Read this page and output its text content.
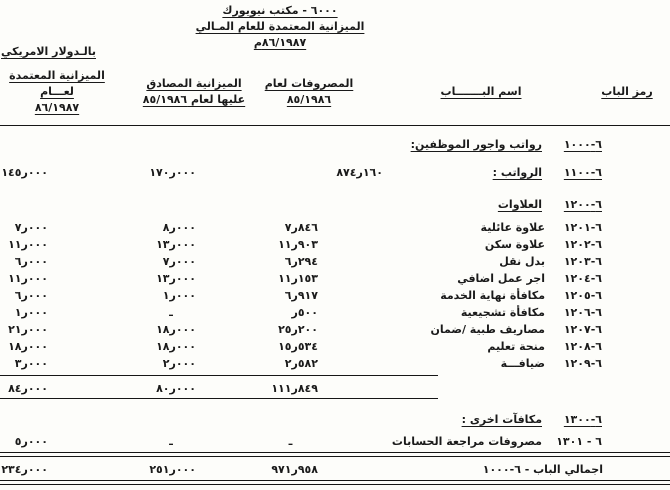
٦٠٠٠ - مكتب نيويورك
الميزانية المعتمدة للعام المـالي
٨٦/١٩٨٧م
بالـدولار الامريكي
رمز الباب
اسم البـــــــاب
المصروفات لعام
٨٥/١٩٨٦
الميزانية المصادق
عليها لعام ٨٥/١٩٨٦
الميزانية المعتمدة
لعـــام
٨٦/١٩٨٧
٦-١٠٠٠
رواتب واجور الموظفين:
٦-١١٠٠
الرواتب :
١٦٠ر٨٧٤
٠٠٠ر١٧٠
٠٠٠ر١٤٥
٦-١٢٠٠
العلاوات
٦-١٢٠١
علاوة عائلية
٨٤٦ر٧
٠٠٠ر٨
٠٠٠ر٧
٦-١٢٠٢
علاوة سكن
٩٠٣ر١١
٠٠٠ر١٣
٠٠٠ر١١
٦-١٢٠٣
بدل نقل
٢٩٤ر٦
٠٠٠ر٧
٠٠٠ر٦
٦-١٢٠٤
اجر عمل اضافي
١٥٣ر١١
٠٠٠ر١٣
٠٠٠ر١١
٦-١٢٠٥
مكافأة نهاية الخدمة
٩١٧ر٦
٠٠٠ر١
٠٠٠ر٦
٦-١٢٠٦
مكافأة تشجيعية
٥٠٠ر
ـ
٠٠٠ر١
٦-١٢٠٧
مصاريف طبية /ضمان
٢٠٠ر٢٥
٠٠٠ر١٨
٠٠٠ر٢١
٦-١٢٠٨
منحة تعليم
٥٣٤ر١٥
٠٠٠ر١٨
٠٠٠ر١٨
٦-١٢٠٩
ضيافـــة
٥٨٢ر٢
٠٠٠ر٢
٠٠٠ر٣
٨٤٩ر١١١
٠٠٠ر٨٠
٠٠٠ر٨٤
٦-١٣٠٠
مكافآت اخرى :
٦ - ١٣٠١
مصروفات مراجعة الحسابات
ـ
ـ
٠٠٠ر٥
اجمالي الباب - ٦-١٠٠٠
٩٥٨ر٩٧١
٠٠٠ر٢٥١
٠٠٠ر٢٣٤
